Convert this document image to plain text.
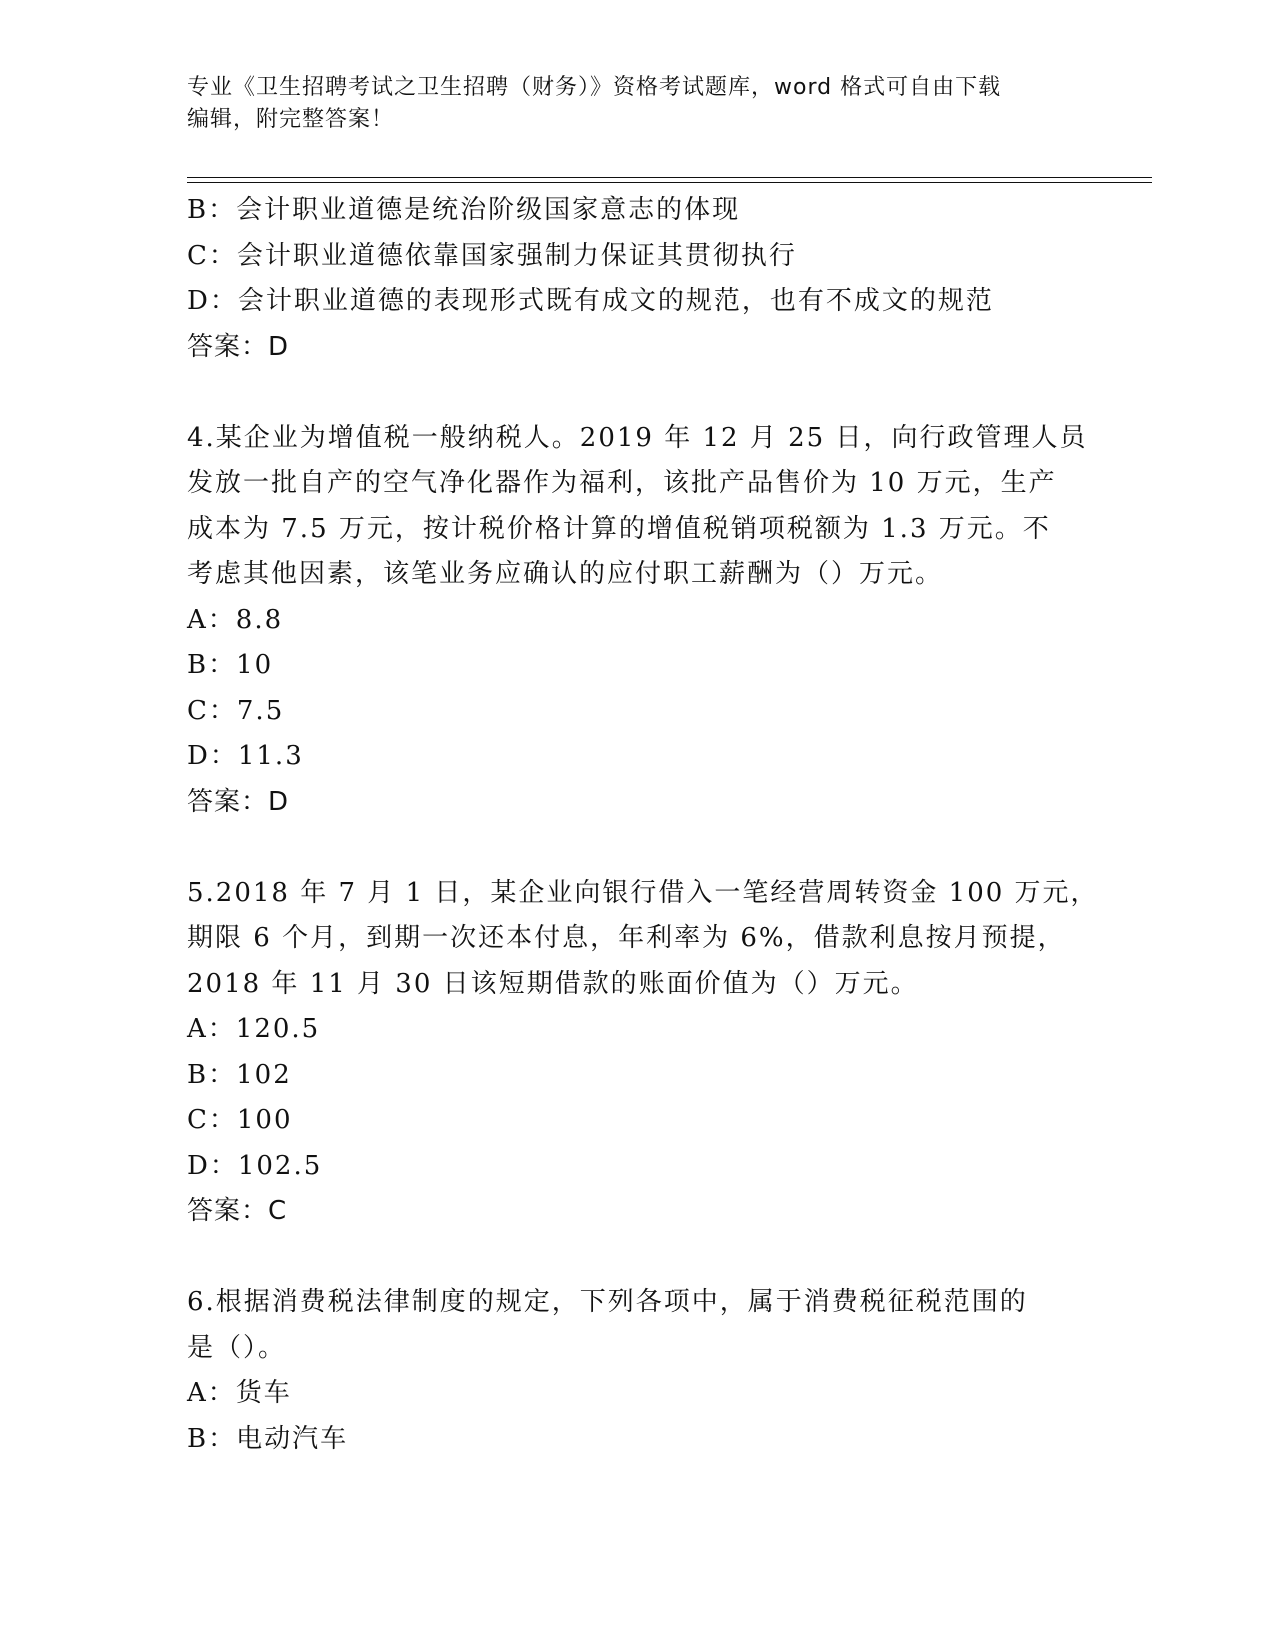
专业《卫生招聘考试之卫生招聘（财务）》资格考试题库，word 格式可自由下载
编辑，附完整答案！
B：会计职业道德是统治阶级国家意志的体现
C：会计职业道德依靠国家强制力保证其贯彻执行
D：会计职业道德的表现形式既有成文的规范，也有不成文的规范
答案：D
4.某企业为增值税一般纳税人。2019 年 12 月 25 日，向行政管理人员
发放一批自产的空气净化器作为福利，该批产品售价为 10 万元，生产
成本为 7.5 万元，按计税价格计算的增值税销项税额为 1.3 万元。不
考虑其他因素，该笔业务应确认的应付职工薪酬为（）万元。
A：8.8
B：10
C：7.5
D：11.3
答案：D
5.2018 年 7 月 1 日，某企业向银行借入一笔经营周转资金 100 万元，
期限 6 个月，到期一次还本付息，年利率为 6%，借款利息按月预提，
2018 年 11 月 30 日该短期借款的账面价值为（）万元。
A：120.5
B：102
C：100
D：102.5
答案：C
6.根据消费税法律制度的规定，下列各项中，属于消费税征税范围的
是（）。
A：货车
B：电动汽车
